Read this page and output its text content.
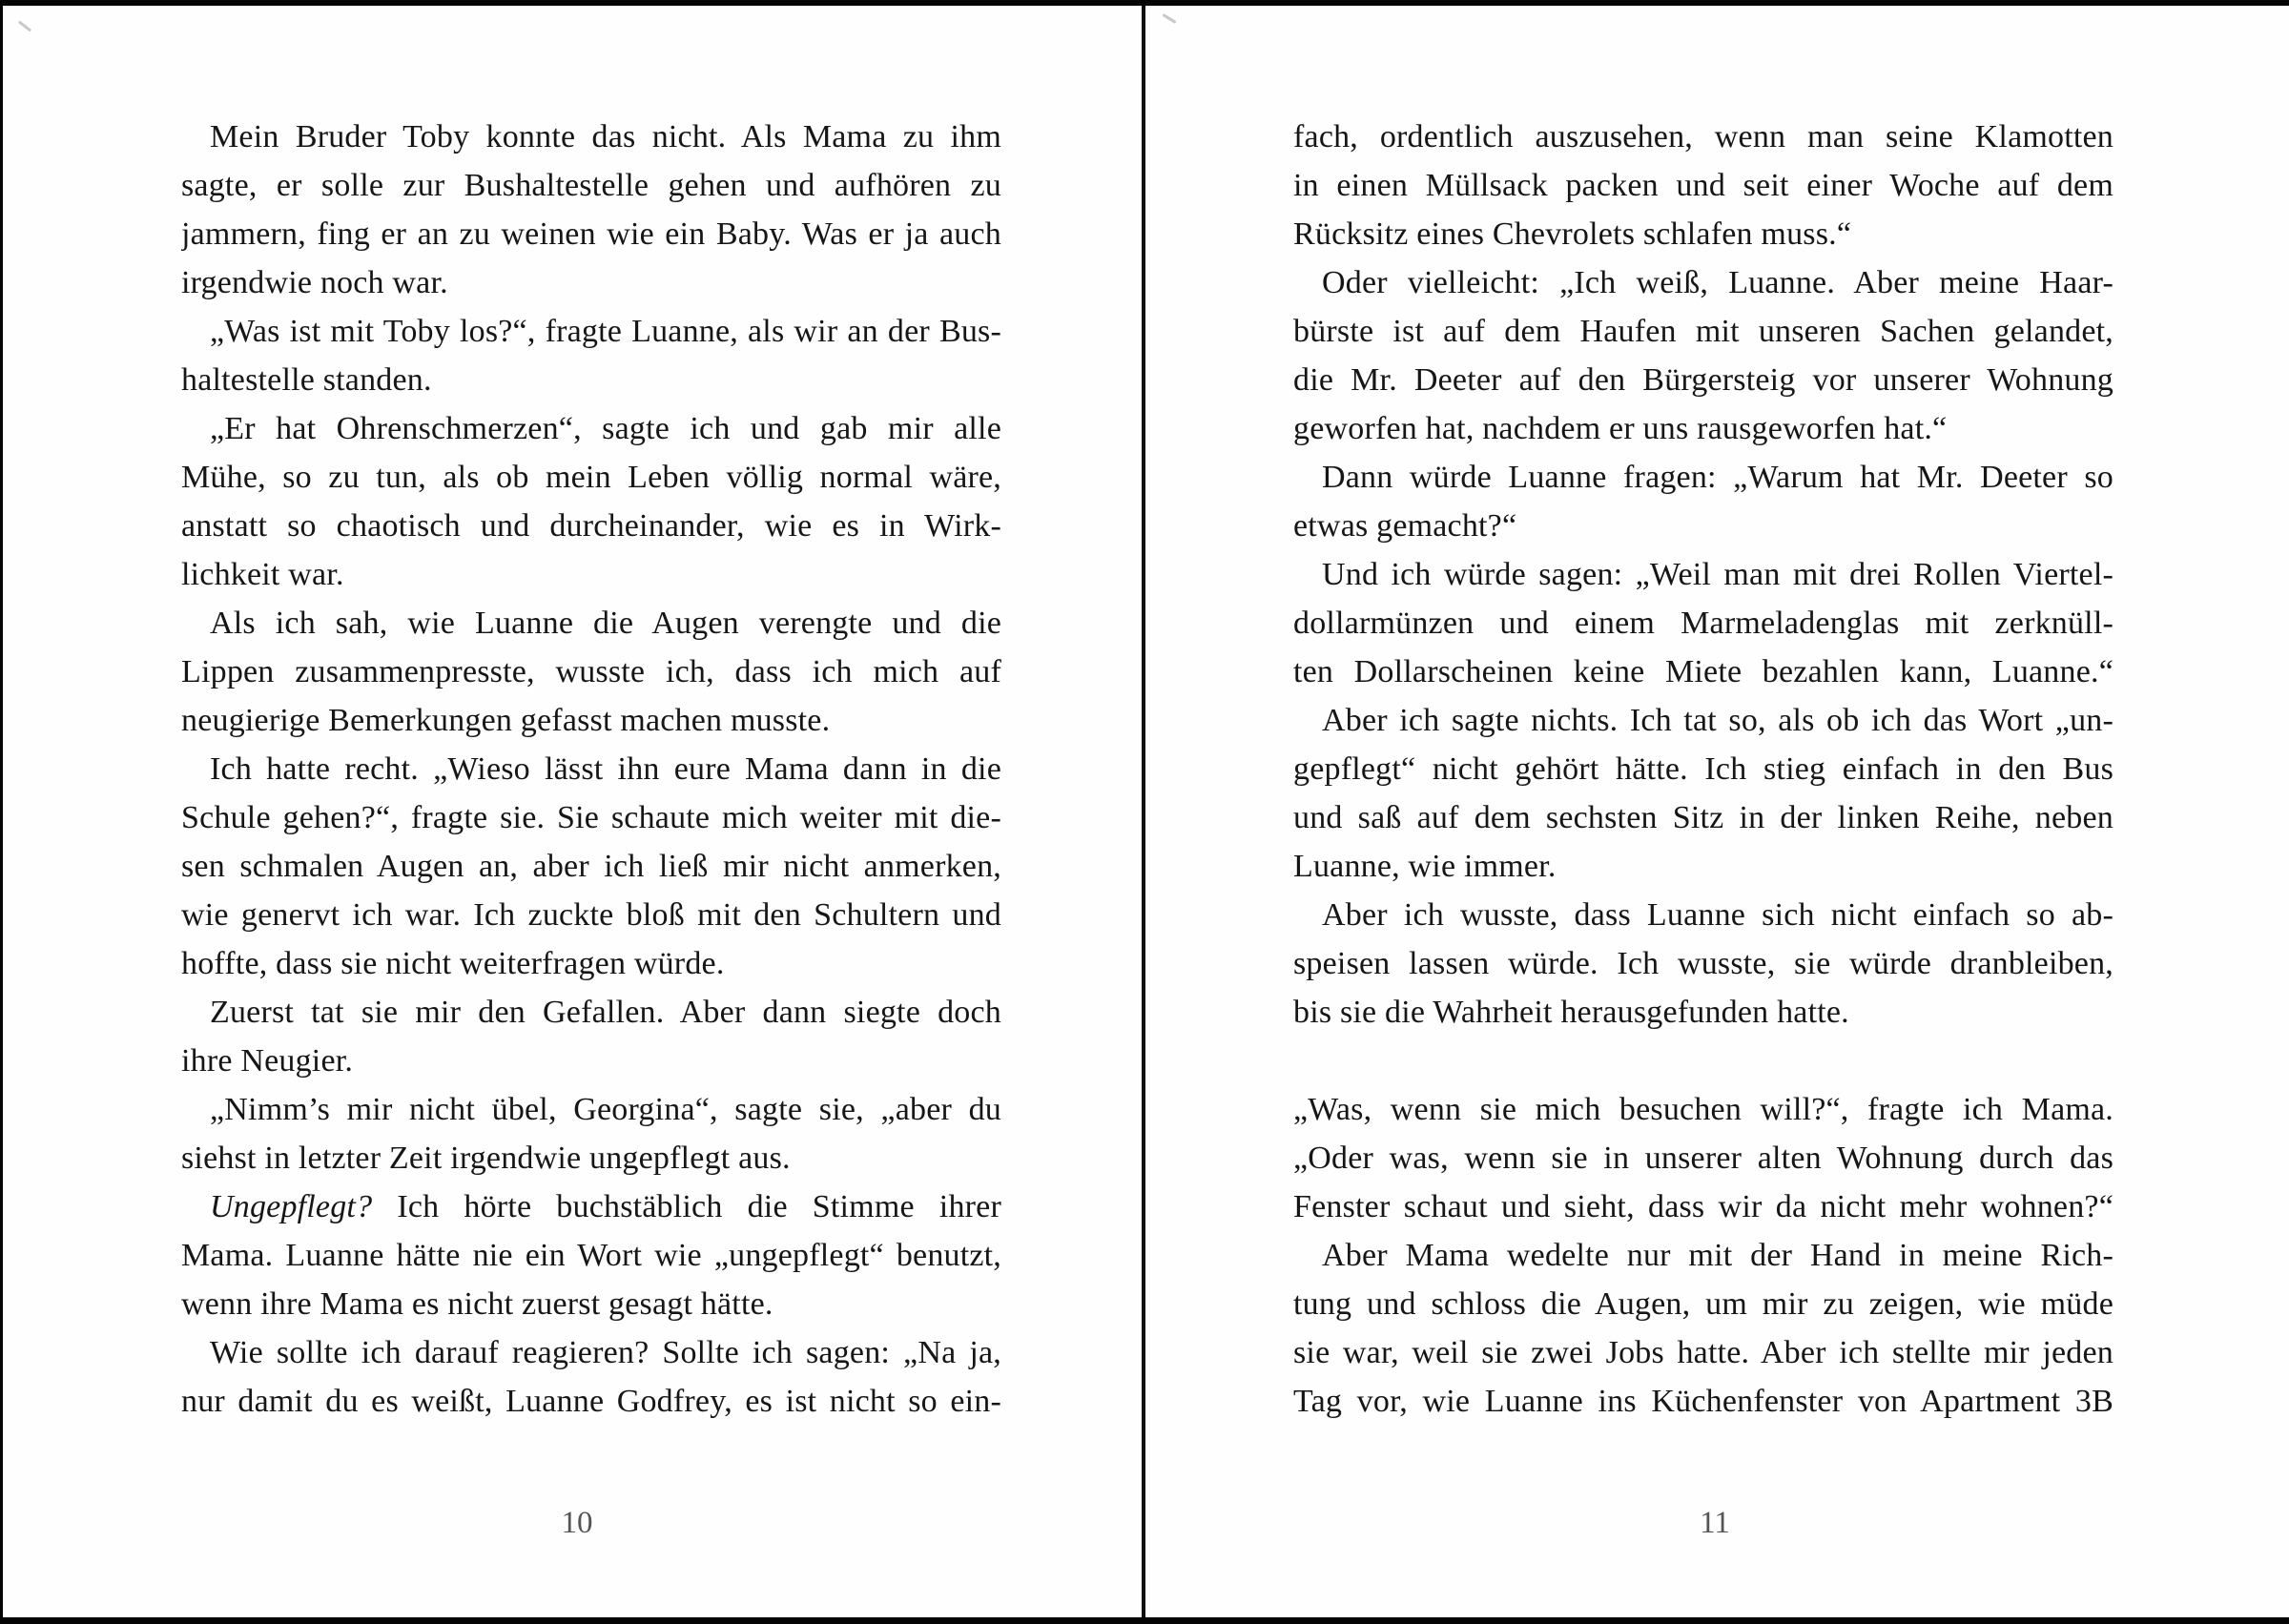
Mein Bruder Toby konnte das nicht. Als Mama zu ihm
sagte, er solle zur Bushaltestelle gehen und aufhören zu
jammern, fing er an zu weinen wie ein Baby. Was er ja auch
irgendwie noch war.
„Was ist mit Toby los?“, fragte Luanne, als wir an der Bus-
haltestelle standen.
„Er hat Ohrenschmerzen“, sagte ich und gab mir alle
Mühe, so zu tun, als ob mein Leben völlig normal wäre,
anstatt so chaotisch und durcheinander, wie es in Wirk-
lichkeit war.
Als ich sah, wie Luanne die Augen verengte und die
Lippen zusammenpresste, wusste ich, dass ich mich auf
neugierige Bemerkungen gefasst machen musste.
Ich hatte recht. „Wieso lässt ihn eure Mama dann in die
Schule gehen?“, fragte sie. Sie schaute mich weiter mit die-
sen schmalen Augen an, aber ich ließ mir nicht anmerken,
wie genervt ich war. Ich zuckte bloß mit den Schultern und
hoffte, dass sie nicht weiterfragen würde.
Zuerst tat sie mir den Gefallen. Aber dann siegte doch
ihre Neugier.
„Nimm’s mir nicht übel, Georgina“, sagte sie, „aber du
siehst in letzter Zeit irgendwie ungepflegt aus.
Ungepflegt? Ich hörte buchstäblich die Stimme ihrer
Mama. Luanne hätte nie ein Wort wie „ungepflegt“ benutzt,
wenn ihre Mama es nicht zuerst gesagt hätte.
Wie sollte ich darauf reagieren? Sollte ich sagen: „Na ja,
nur damit du es weißt, Luanne Godfrey, es ist nicht so ein-
10
fach, ordentlich auszusehen, wenn man seine Klamotten
in einen Müllsack packen und seit einer Woche auf dem
Rücksitz eines Chevrolets schlafen muss.“
Oder vielleicht: „Ich weiß, Luanne. Aber meine Haar-
bürste ist auf dem Haufen mit unseren Sachen gelandet,
die Mr. Deeter auf den Bürgersteig vor unserer Wohnung
geworfen hat, nachdem er uns rausgeworfen hat.“
Dann würde Luanne fragen: „Warum hat Mr. Deeter so
etwas gemacht?“
Und ich würde sagen: „Weil man mit drei Rollen Viertel-
dollarmünzen und einem Marmeladenglas mit zerknüll-
ten Dollarscheinen keine Miete bezahlen kann, Luanne.“
Aber ich sagte nichts. Ich tat so, als ob ich das Wort „un-
gepflegt“ nicht gehört hätte. Ich stieg einfach in den Bus
und saß auf dem sechsten Sitz in der linken Reihe, neben
Luanne, wie immer.
Aber ich wusste, dass Luanne sich nicht einfach so ab-
speisen lassen würde. Ich wusste, sie würde dranbleiben,
bis sie die Wahrheit herausgefunden hatte.
„Was, wenn sie mich besuchen will?“, fragte ich Mama.
„Oder was, wenn sie in unserer alten Wohnung durch das
Fenster schaut und sieht, dass wir da nicht mehr wohnen?“
Aber Mama wedelte nur mit der Hand in meine Rich-
tung und schloss die Augen, um mir zu zeigen, wie müde
sie war, weil sie zwei Jobs hatte. Aber ich stellte mir jeden
Tag vor, wie Luanne ins Küchenfenster von Apartment 3B
11
